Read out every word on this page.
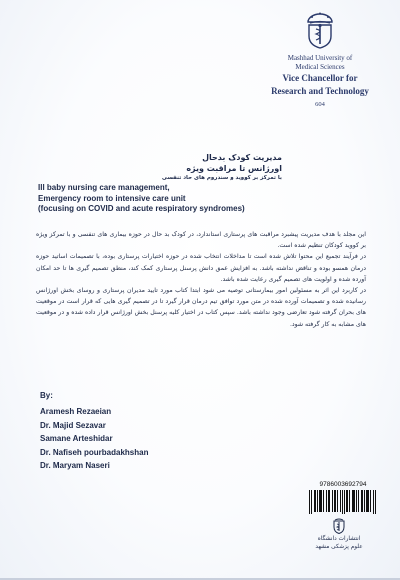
Mashhad University of
Medical Sciences
Vice Chancellor for
Research and Technology
604
مدیریت کودک بدحال
اورژانس تا مراقبت ویژه
با تمرکز بر کووید و سندروم های حاد تنفسی
Ill baby nursing care management,
Emergency room to intensive care unit
(focusing on COVID and acute respiratory syndromes)

این مجلد با هدف مدیریت پیشبرد مراقبت های پرستاری استاندارد، در کودک بد حال در حوزه بیماری های تنفسی و با تمرکز ویژه بر کووید کودکان تنظیم شده است.

در فرآیند تجمیع این محتوا تلاش شده است تا مداخلات انتخاب شده در حوزه اختیارات پرستاری بوده، با تصمیمات اساتید حوزه درمان همسو بوده و تناقض نداشته باشد. به افزایش عمق دانش پرسنل پرستاری کمک کند، منطق تصمیم گیری ها تا حد امکان آورده شده و اولویت های تصمیم گیری رعایت شده باشد.

در کاربرد این اثر به مسئولین امور بیمارستانی توصیه می شود ابتدا کتاب مورد تایید مدیران پرستاری و روسای بخش اورژانس رسانیده شده و تصمیمات آورده شده در متن مورد توافق تیم درمان قرار گیرد تا در تصمیم گیری هایی که قرار است در موقعیت های بحران گرفته شود تعارضی وجود نداشته باشد. سپس کتاب در اختیار کلیه پرسنل بخش اورژانس قرار داده شده و در موقعیت های مشابه به کار گرفته شود.

By:
Aramesh Rezaeian
Dr. Majid Sezavar
Samane Arteshidar
Dr. Nafiseh pourbadakhshan
Dr. Maryam Naseri
9786003692794
انتشارات دانشگاه
علوم پزشکی مشهد
